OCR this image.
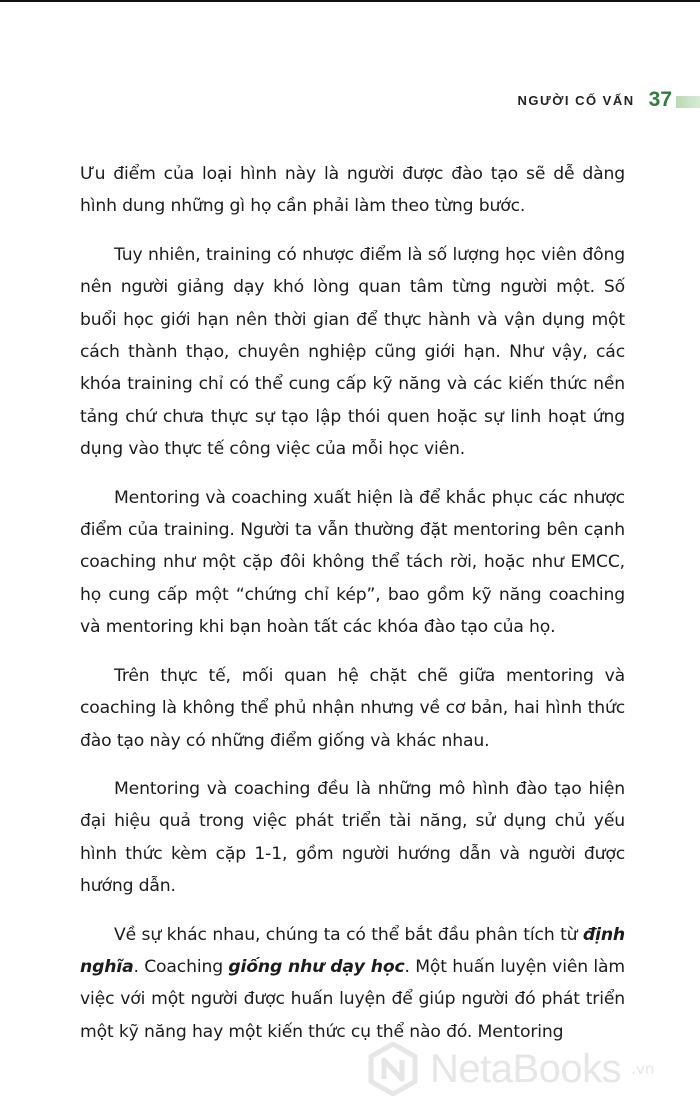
NGƯỜI CỐ VẤN 37

Ưu điểm của loại hình này là người được đào tạo sẽ dễ dàng hình dung những gì họ cần phải làm theo từng bước.

Tuy nhiên, training có nhược điểm là số lượng học viên đông nên người giảng dạy khó lòng quan tâm từng người một. Số buổi học giới hạn nên thời gian để thực hành và vận dụng một cách thành thạo, chuyên nghiệp cũng giới hạn. Như vậy, các khóa training chỉ có thể cung cấp kỹ năng và các kiến thức nền tảng chứ chưa thực sự tạo lập thói quen hoặc sự linh hoạt ứng dụng vào thực tế công việc của mỗi học viên.

Mentoring và coaching xuất hiện là để khắc phục các nhược điểm của training. Người ta vẫn thường đặt mentoring bên cạnh coaching như một cặp đôi không thể tách rời, hoặc như EMCC, họ cung cấp một “chứng chỉ kép”, bao gồm kỹ năng coaching và mentoring khi bạn hoàn tất các khóa đào tạo của họ.

Trên thực tế, mối quan hệ chặt chẽ giữa mentoring và coaching là không thể phủ nhận nhưng về cơ bản, hai hình thức đào tạo này có những điểm giống và khác nhau.

Mentoring và coaching đều là những mô hình đào tạo hiện đại hiệu quả trong việc phát triển tài năng, sử dụng chủ yếu hình thức kèm cặp 1-1, gồm người hướng dẫn và người được hướng dẫn.

Về sự khác nhau, chúng ta có thể bắt đầu phân tích từ định nghĩa. Coaching giống như dạy học. Một huấn luyện viên làm việc với một người được huấn luyện để giúp người đó phát triển một kỹ năng hay một kiến thức cụ thể nào đó. Mentoring

NetaBooks .vn
